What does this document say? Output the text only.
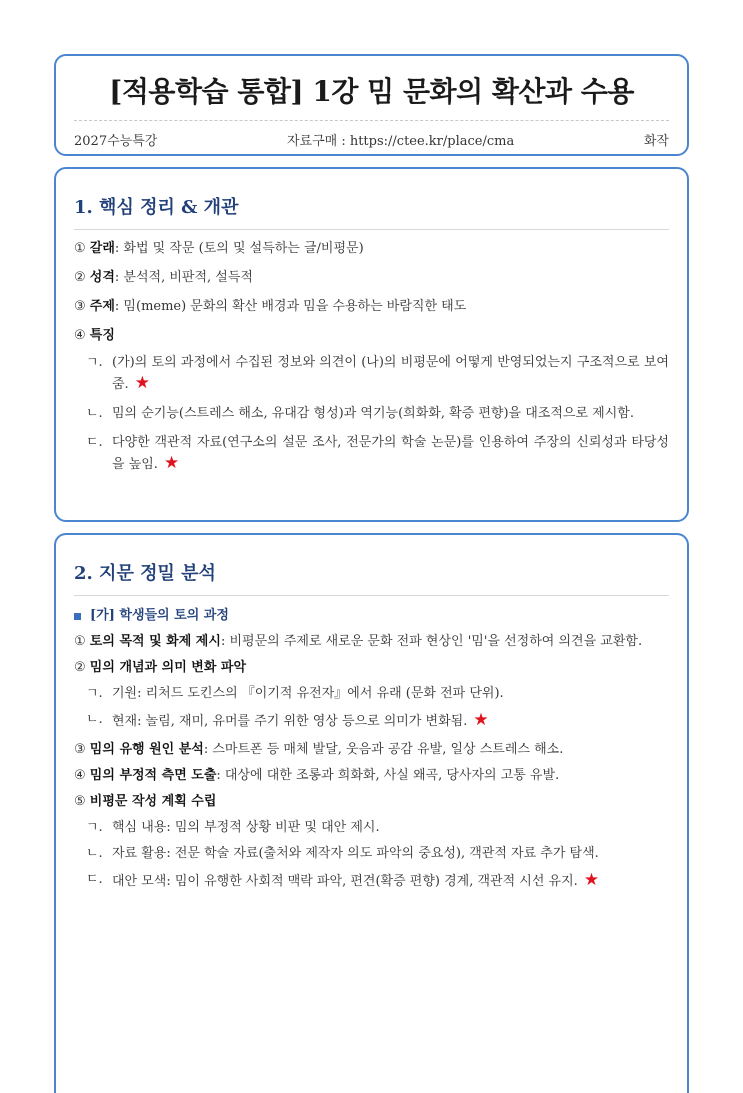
[적용학습 통합] 1강 밈 문화의 확산과 수용
2027수능특강	자료구매 : https://ctee.kr/place/cma	화작
1. 핵심 정리 & 개관
① 갈래: 화법 및 작문 (토의 및 설득하는 글/비평문)
② 성격: 분석적, 비판적, 설득적
③ 주제: 밈(meme) 문화의 확산 배경과 밈을 수용하는 바람직한 태도
④ 특징
ㄱ. (가)의 토의 과정에서 수집된 정보와 의견이 (나)의 비평문에 어떻게 반영되었는지 구조적으로 보여줌. ★
ㄴ. 밈의 순기능(스트레스 해소, 유대감 형성)과 역기능(희화화, 확증 편향)을 대조적으로 제시함.
ㄷ. 다양한 객관적 자료(연구소의 설문 조사, 전문가의 학술 논문)를 인용하여 주장의 신뢰성과 타당성을 높임. ★
2. 지문 정밀 분석
[가] 학생들의 토의 과정
① 토의 목적 및 화제 제시: 비평문의 주제로 새로운 문화 전파 현상인 '밈'을 선정하여 의견을 교환함.
② 밈의 개념과 의미 변화 파악
ㄱ. 기원: 리처드 도킨스의 『이기적 유전자』에서 유래 (문화 전파 단위).
ㄴ. 현재: 놀림, 재미, 유머를 주기 위한 영상 등으로 의미가 변화됨. ★
③ 밈의 유행 원인 분석: 스마트폰 등 매체 발달, 웃음과 공감 유발, 일상 스트레스 해소.
④ 밈의 부정적 측면 도출: 대상에 대한 조롱과 희화화, 사실 왜곡, 당사자의 고통 유발.
⑤ 비평문 작성 계획 수립
ㄱ. 핵심 내용: 밈의 부정적 상황 비판 및 대안 제시.
ㄴ. 자료 활용: 전문 학술 자료(출처와 제작자 의도 파악의 중요성), 객관적 자료 추가 탐색.
ㄷ. 대안 모색: 밈이 유행한 사회적 맥락 파악, 편견(확증 편향) 경계, 객관적 시선 유지. ★
